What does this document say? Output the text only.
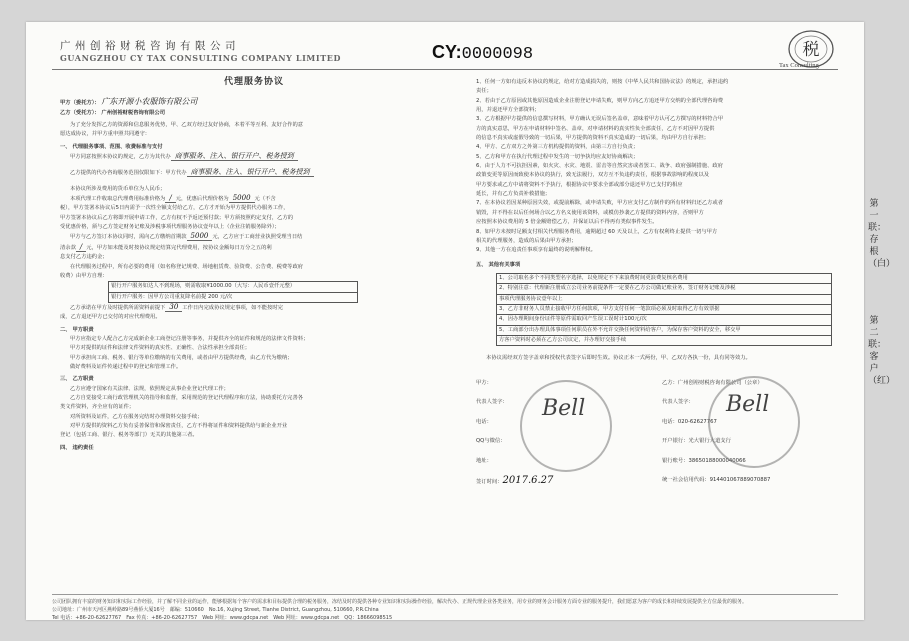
广州创裕财税咨询有限公司
GUANGZHOU CY TAX CONSULTING COMPANY LIMITED	CY:0000098	税
Tax Consulting
代理服务协议
甲方（委托方）： 广东开源小农服饰有限公司
乙方（受托方）： 广州创裕财税咨询有限公司
为了充分发挥乙方的资源和信息服务优势，甲、乙双方经过友好协商，本着平等互利、友好合作的意
愿达成协议，并甲方重申照共同遵守：
一、 代理服务事项、范围、收费标准与支付
甲方同意按照本协议的规定，乙方为其代办 商事服务、注入、银行开户、税务授到
乙方提供的代办咨询服务范围仅限如下：甲方代办 商事服务、注入、银行开户、税务授到
本协议所涉及费用的货币单位为人民币；
本项代理工作收取总代理费用标准价格为 / 元，优惠后代理价格为 5000 元（不含
税），甲方签署本协议后5日内需予一次性全额支付给乙方，乙方才开始为甲方提供代办服务工作，
甲方签署本协议后乙方将即开展申请工作，乙方有权不予返还预付款；甲方须按照约定支付，乙方的
受优惠价格，须与乙方签定财务记账及涉税事项代理服务协议壹年以上（企业注销服务除外）；
甲方与乙方签订本协议同时，需向乙方缴纳首期款 5000 元，乙方应于工商营业执照受理当日结
清余款 / 元，甲方如未能及时按协议规定结算完代理费用，按协议金额每日万分之五的利
息支付乙方违约金；
在代理服务过程中，所有必要的费用（如名称登记规费、场地租赁费、验资费、公告费、税费等政府
收费）由甲方自理：
银行开户服务如达人不到现场，则需收取¥1000.00（大写：人民币壹仟元整）
银行开户服务：因甲方公司重复降名前提 200 元/次
乙方承诺在甲方及时提供所需资料前提下 30 工作日内完成协议规定事项，如不能按时完
成，乙方退还甲方已交付的对应代理费用。
二、 甲方职责
甲方应指定专人配合乙方完成新企业工商登记注册等事务，并提供齐全的证件和规范的法律文件资料；
甲方对提供的证件和法律文件资料的真实性、正确性、合法性承担全部责任；
甲方承担向工商、税务、银行等单位缴纳的有关费用，或者由甲方提供经费，由乙方代为缴纳；
做好费料及证件传递过程中的登记和管理工作。
三、 乙方职责
乙方应遵守国家有关法律、法规，依照规定从事企业登记代理工作；
乙方自觉接受工商行政管理机关的指导和监督，采用规范的登记代理程序和方法，协助委托方完善各
类文件资料，齐全应有的证件；
对所资料及证件，乙方在服务完结时办理资料交接手续；
对甲方提供的资料乙方负有妥善保管和保密责任，乙方不得将证件和资料提供给与新企业开业
登记（包括工商、银行、税务等部门）无关的其他第三者。
四、 违约责任
1、任何一方如有违反本协议的规定，给对方造成损失的，则按《中华人民共和国协议法》的规定，承担违约
责任；
2、若由于乙方原因或其他原因造成企业注册登记申请失败，则甲方向乙方追还甲方交纳的全部代理咨询费
用，并退还甲方全部资料；
3、乙方根据甲方提供的信息撰写材料，甲方确认无误后签名盖章，意味着甲方认可乙方撰写的材料符合甲
方的真实意思，甲方在申请材料中签名、盖章，对申请材料的真实性负全部责任，乙方不对因甲方提供
的信息不真实或虚假导致的一切后果，甲方提供的资料不真实造成的一切后果，均由甲方自行承担；
4、甲方、乙方双方之外第三方机构提供的资料，由第三方自行负责；
5、乙方和甲方在执行代理过程中发生的一切争执均应友好协商解决；
6、由于人力不可抗拒因素，如火灾、水灾、地震、雷击等自然灾害或者罢工、战争、政府强制措施、政府
政策变更等原因而致使本协议的执行，致无法履行，双方互不负违约责任，根据事故影响的程度以及
甲方要求或乙方中请将资料不予执行，根据协议中要求全部或部分退还甲方已支付的相应
延长，并有乙方负责补救措施；
7、在本协议若因某种原因失效，或提前解除，或申请失败，甲方应支付乙方制作的所有材料归还乙方或者
销毁，并不得在以后任何场合以乙方名义使用该资料，或模仿抄袭乙方提供的资料内容，否则甲方
应按照本协议费用的 5 倍金额赔偿乙方，并保证以后不得再有类似事件发生。
8、如甲方未按时足额支付相关代理服务费用，逾期超过 60 天及以上，乙方有权利终止提供一切与甲方
相关的代理服务，造成的后果由甲方承担；
9、其他一方在追责任事项享有最终的说明解释权。
五、 其他有关事项
1、公司取名多个不同类型名字选择，以免规定不下来浪费时间更浪费复核名费用
2、特别注意：代理新注册成立公司业务前提条件一定要在乙方公司做记账业务，签订财务记账及涉税
事项代理服务协议壹年以上
3、乙方非财务人员禁止接收甲方任何款项，甲方支付任何一笔款项必须及时取得乙方有效票据
4、因办理期间身份证件等原件需取回产生误工误时计100元/次
5、工商部分出办理具体事项任何职员在外不允许交换任何资料给客户，为保存客户资料的安全，移交甲
方客户资料时必须在乙方公司议定，并办理好交接手续
本协议需经双方签字盖章和授权代表签字后即时生效。协议正本一式两份，甲、乙双方各执一份，具有同等效力。
甲方：
代表人签字：
电话：
QQ与微信：
地址：
签订时间：2017.6.27
乙方：广州创裕财税咨询有限公司（公章）
代表人签字：
电话：020-62627767
开户银行：光大银行大道支行
银行账号：38650188000040066
统一社会信用代码：914401067889070887
Bell	Bell
公司团队拥有丰富的财务知识和实际工作经验，并了解不同企业的运作，能够根据每个客户的需求和目标提供合理的税务服务，冻结及时的提供各种专业知识和实际操作经验，解决代办、正规代理企业各类业务，用专业的财务会计服务方面专业的服务提升，我们愿意为客户的成长和持续发展提供全方位最优的服务。
公司地址：广州市天河区燕岭路89号燕侨大厦16号　邮编：510660　No.16, Xujing Street, Tianhe District, Guangzhou, 510660, P.R.China
Tel 电话：+86-20-62627767　Fax 传真：+86-20-62627757　Web 网址：www.gdcpa.net　Web 网址：www.gdcpa.net　QQ：18666098515
第一联：存根（白）
第二联：客户（红）
